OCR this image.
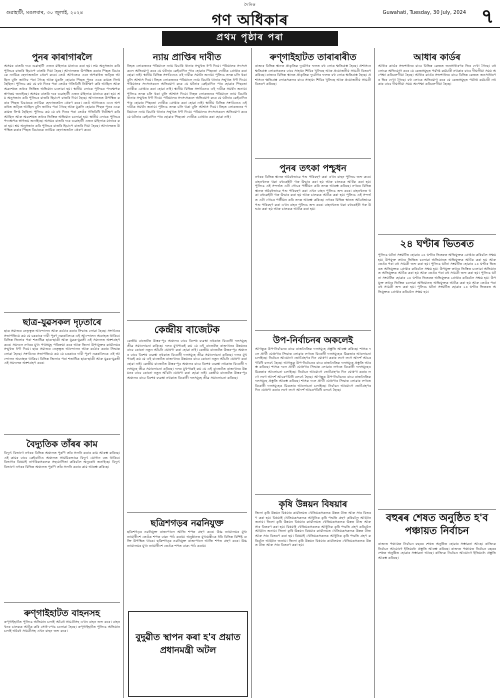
গুৱাহাটী, মঙলবাৰ, ৩০ জুলাই, ২০২৪
দৈনিক
গণ অধিকাৰ	Guwahati, Tuesday, 30 July, 2024 ৭
প্ৰথম পৃষ্ঠাৰ পৰা
পুনৰ কাৰাগাৰলৈ

অসমৰ বাতৰি দৰে গুৱাহাটী এজন মহিলাক মানাৰে কৰা হয়। শ্ৰম অনুসন্ধান কৰি পুলিচৰ বাতৰি হিচাপে বাতৰি দিয়া হৈছে। আদালতত উপস্থিত কৰাৰ পিছত বিচাৰকে ন্যায়িক হেফাজতলৈ প্ৰেৰণ কৰে। তেওঁ আগতেও এনে অপৰাধত জড়িত আছিল বুলি জানিব পৰা গৈছে আৰু মুকলি হোৱাৰ পিছত পুনৰ একে কামত লিপ্ত হৈছিল। পুলিচে কয় যে বহু দিনৰ পৰা তেওঁৰ গতিবিধি নিৰীক্ষণ কৰি আছিল আৰু অৱশেষত তথ্যৰ ভিত্তিত অভিযান চলোৱা হয়। স্থানীয় লোকে পুলিচৰ পদক্ষেপক স্বাগতম জনাইছে। অসমৰ বাতৰি দৰে গুৱাহাটী এজন মহিলাক মানাৰে কৰা হয়। শ্ৰম অনুসন্ধান কৰি পুলিচৰ বাতৰি হিচাপে বাতৰি দিয়া হৈছে। আদালতত উপস্থিত কৰাৰ পিছত বিচাৰকে ন্যায়িক হেফাজতলৈ প্ৰেৰণ কৰে। তেওঁ আগতেও এনে অপৰাধত জড়িত আছিল বুলি জানিব পৰা গৈছে আৰু মুকলি হোৱাৰ পিছত পুনৰ একে কামত লিপ্ত হৈছিল। পুলিচে কয় যে বহু দিনৰ পৰা তেওঁৰ গতিবিধি নিৰীক্ষণ কৰি আছিল আৰু অৱশেষত তথ্যৰ ভিত্তিত অভিযান চলোৱা হয়। স্থানীয় লোকে পুলিচৰ পদক্ষেপক স্বাগতম জনাইছে। অসমৰ বাতৰি দৰে গুৱাহাটী এজন মহিলাক মানাৰে কৰা হয়। শ্ৰম অনুসন্ধান কৰি পুলিচৰ বাতৰি হিচাপে বাতৰি দিয়া হৈছে। আদালতত উপস্থিত কৰাৰ পিছত বিচাৰকে ন্যায়িক হেফাজতলৈ প্ৰেৰণ কৰে।

ছাত্ৰ-যুৱসকল দৃঢ়তাৰে

ছাত্ৰ সমাজৰ নেতৃত্বত আন্দোলন আৰু কঠোৰ কৰাৰ সিদ্ধান্ত লোৱা হৈছে। সংগঠনৰ সভাপতিয়ে কয় যে চৰকাৰে দাবী পূৰণ নকৰালৈকে এই আন্দোলন অব্যাহত থাকিব। বিভিন্ন জিলাৰ পৰা শতাধিক ছাত্ৰ-ছাত্ৰী আৰু যুৱক-যুৱতী এই সমদলত অংশগ্ৰহণ কৰে। সমদলে নগৰৰ মুখ্য পথসমূহ পৰিক্ৰমা কৰে আৰু জিলা উপায়ুক্তৰ কাৰ্যালয়ৰ সন্মুখত ধৰ্ণা দিয়ে। ছাত্ৰ সমাজৰ নেতৃত্বত আন্দোলন আৰু কঠোৰ কৰাৰ সিদ্ধান্ত লোৱা হৈছে। সংগঠনৰ সভাপতিয়ে কয় যে চৰকাৰে দাবী পূৰণ নকৰালৈকে এই আন্দোলন অব্যাহত থাকিব। বিভিন্ন জিলাৰ পৰা শতাধিক ছাত্ৰ-ছাত্ৰী আৰু যুৱক-যুৱতী এই সমদলত অংশগ্ৰহণ কৰে।

বৈদ্যুতিক তাঁৰৰ কাম

বিদ্যুৎ বিভাগে নগৰৰ বিভিন্ন অঞ্চলত পুৰণি তাঁৰ সলনি কৰাৰ কাম আৰম্ভ কৰিছে। এই কামৰ বাবে কেইবাটাও অঞ্চলত সাময়িকভাৱে বিদ্যুৎ যোগান বন্ধ থাকিব। বিভাগৰ বিষয়াই নাগৰিকসকলক সহযোগিতা কৰিবলৈ অনুৰোধ জনাইছে। বিদ্যুৎ বিভাগে নগৰৰ বিভিন্ন অঞ্চলত পুৰণি তাঁৰ সলনি কৰাৰ কাম আৰম্ভ কৰিছে।

ৰুণ্গাইহাটত বাহনসহ

ৰুণ্গাইহাটত পুলিচে অভিযান চলাই অবৈধ সামগ্ৰীসহ এখন বাহন জব্দ কৰে। বাহনখনৰ চালকক আটক কৰি সোধ-পোচ চলোৱা হৈছে। ৰুণ্গাইহাটত পুলিচে অভিযান চলাই অবৈধ সামগ্ৰীসহ এখন বাহন জব্দ কৰে।

ন্যায় প্ৰাপ্তিৰ দাবীত

নিহত লোকজনৰ পৰিয়ালে ন্যায় বিচাৰি থানাৰ সন্মুখত ধৰ্ণা দিয়ে। পৰিয়ালৰ সদস্যসকলে অভিযোগ কৰে যে ঘটনাৰ কেইবাদিন পাৰ হোৱাৰ পিছতো দোষীক গ্ৰেপ্তাৰ কৰা হোৱা নাই। স্থানীয় বিভিন্ন সংগঠনেও এই দাবীক সমৰ্থন জনায়। পুলিচে তদন্ত চলি থকা বুলি আশ্বাস দিয়ে। নিহত লোকজনৰ পৰিয়ালে ন্যায় বিচাৰি থানাৰ সন্মুখত ধৰ্ণা দিয়ে। পৰিয়ালৰ সদস্যসকলে অভিযোগ কৰে যে ঘটনাৰ কেইবাদিন পাৰ হোৱাৰ পিছতো দোষীক গ্ৰেপ্তাৰ কৰা হোৱা নাই। স্থানীয় বিভিন্ন সংগঠনেও এই দাবীক সমৰ্থন জনায়। পুলিচে তদন্ত চলি থকা বুলি আশ্বাস দিয়ে। নিহত লোকজনৰ পৰিয়ালে ন্যায় বিচাৰি থানাৰ সন্মুখত ধৰ্ণা দিয়ে। পৰিয়ালৰ সদস্যসকলে অভিযোগ কৰে যে ঘটনাৰ কেইবাদিন পাৰ হোৱাৰ পিছতো দোষীক গ্ৰেপ্তাৰ কৰা হোৱা নাই। স্থানীয় বিভিন্ন সংগঠনেও এই দাবীক সমৰ্থন জনায়। পুলিচে তদন্ত চলি থকা বুলি আশ্বাস দিয়ে। নিহত লোকজনৰ পৰিয়ালে ন্যায় বিচাৰি থানাৰ সন্মুখত ধৰ্ণা দিয়ে। পৰিয়ালৰ সদস্যসকলে অভিযোগ কৰে যে ঘটনাৰ কেইবাদিন পাৰ হোৱাৰ পিছতো দোষীক গ্ৰেপ্তাৰ কৰা হোৱা নাই।

কেন্দ্ৰীয় বাজেটক

কেন্দ্ৰীয় বাজেটত উত্তৰ-পূব অঞ্চলৰ বাবে বিশেষ ব্যৱস্থা নথকাত বিৰোধী দলসমূহে তীব্ৰ সমালোচনা কৰিছে। দলৰ মুখপাত্ৰই কয় যে এই বাজেটত ৰাজ্যখনৰ উন্নয়নৰ বাবে কোনো নতুন আঁচনি ঘোষণা কৰা হোৱা নাই। কেন্দ্ৰীয় বাজেটত উত্তৰ-পূব অঞ্চলৰ বাবে বিশেষ ব্যৱস্থা নথকাত বিৰোধী দলসমূহে তীব্ৰ সমালোচনা কৰিছে। দলৰ মুখপাত্ৰই কয় যে এই বাজেটত ৰাজ্যখনৰ উন্নয়নৰ বাবে কোনো নতুন আঁচনি ঘোষণা কৰা হোৱা নাই। কেন্দ্ৰীয় বাজেটত উত্তৰ-পূব অঞ্চলৰ বাবে বিশেষ ব্যৱস্থা নথকাত বিৰোধী দলসমূহে তীব্ৰ সমালোচনা কৰিছে। দলৰ মুখপাত্ৰই কয় যে এই বাজেটত ৰাজ্যখনৰ উন্নয়নৰ বাবে কোনো নতুন আঁচনি ঘোষণা কৰা হোৱা নাই। কেন্দ্ৰীয় বাজেটত উত্তৰ-পূব অঞ্চলৰ বাবে বিশেষ ব্যৱস্থা নথকাত বিৰোধী দলসমূহে তীব্ৰ সমালোচনা কৰিছে।

ছত্ৰিশগড়ৰ নৱনিযুক্ত

ছত্ৰিশগড়ৰ নৱনিযুক্ত ৰাজ্যপালে আজি শপত গ্ৰহণ কৰে। উচ্চ ন্যায়ালয়ৰ মুখ্য ন্যায়াধীশে তেওঁক শপত বাক্য পাঠ কৰায়। অনুষ্ঠানত মুখ্যমন্ত্ৰীকে ধৰি বিভিন্ন বিশিষ্ট ব্যক্তি উপস্থিত থাকে। ছত্ৰিশগড়ৰ নৱনিযুক্ত ৰাজ্যপালে আজি শপত গ্ৰহণ কৰে। উচ্চ ন্যায়ালয়ৰ মুখ্য ন্যায়াধীশে তেওঁক শপত বাক্য পাঠ কৰায়।

বুদুৱীত স্থাপন কৰা হ'ব প্ৰয়াত প্ৰধানমন্ত্ৰী অটল
ৰুণ্গাইহাটত তাৰাৰাৰীত

ৰাজ্যৰ বিভিন্ন স্থানত প্ৰাকৃতিক দুৰ্যোগৰ ফলত বহু লোক ক্ষতিগ্ৰস্ত হৈছে। প্ৰশাসনে ক্ষতিগ্ৰস্ত লোকসকলৰ বাবে সাহায্য শিবিৰ খুলিছে আৰু প্ৰয়োজনীয় সামগ্ৰী বিতৰণ কৰিছে। ৰাজ্যৰ বিভিন্ন স্থানত প্ৰাকৃতিক দুৰ্যোগৰ ফলত বহু লোক ক্ষতিগ্ৰস্ত হৈছে। প্ৰশাসনে ক্ষতিগ্ৰস্ত লোকসকলৰ বাবে সাহায্য শিবিৰ খুলিছে আৰু প্ৰয়োজনীয় সামগ্ৰী বিতৰণ কৰিছে।

পুনৰ তৎকা পশ্চুধন

নগৰৰ বিভিন্ন স্থানত অবৈধভাৱে পশু পৰিবহণ কৰা এখন বাহন পুলিচে জব্দ কৰে। বাহনখনত থকা বহুকেইটা গৰু উদ্ধাৰ কৰা হয় আৰু চালকক আটক কৰা হয়। পুলিচে এই সন্দৰ্ভত এটা গোচৰ পঞ্জীয়ন কৰি তদন্ত আৰম্ভ কৰিছে। নগৰৰ বিভিন্ন স্থানত অবৈধভাৱে পশু পৰিবহণ কৰা এখন বাহন পুলিচে জব্দ কৰে। বাহনখনত থকা বহুকেইটা গৰু উদ্ধাৰ কৰা হয় আৰু চালকক আটক কৰা হয়। পুলিচে এই সন্দৰ্ভত এটা গোচৰ পঞ্জীয়ন কৰি তদন্ত আৰম্ভ কৰিছে। নগৰৰ বিভিন্ন স্থানত অবৈধভাৱে পশু পৰিবহণ কৰা এখন বাহন পুলিচে জব্দ কৰে। বাহনখনত থকা বহুকেইটা গৰু উদ্ধাৰ কৰা হয় আৰু চালকক আটক কৰা হয়।

উপ-নিৰ্বাচনৰ অকলেই

আগন্তুক উপ-নিৰ্বাচনৰ বাবে ৰাজনৈতিক দলসমূহে প্ৰস্তুতি আৰম্ভ কৰিছে। শাসক দলে প্ৰাৰ্থী ঘোষণাৰ সিদ্ধান্ত লোৱাৰ লগতে বিৰোধী দলসমূহেও মিত্ৰতাৰ আলোচনা চলাইছে। নিৰ্বাচন আয়োগে ভোটগ্ৰহণৰ দিন ঘোষণা কৰাৰ লগে লগে আদৰ্শ আচৰণবিধি বলবৎ হৈছে। আগন্তুক উপ-নিৰ্বাচনৰ বাবে ৰাজনৈতিক দলসমূহে প্ৰস্তুতি আৰম্ভ কৰিছে। শাসক দলে প্ৰাৰ্থী ঘোষণাৰ সিদ্ধান্ত লোৱাৰ লগতে বিৰোধী দলসমূহেও মিত্ৰতাৰ আলোচনা চলাইছে। নিৰ্বাচন আয়োগে ভোটগ্ৰহণৰ দিন ঘোষণা কৰাৰ লগে লগে আদৰ্শ আচৰণবিধি বলবৎ হৈছে। আগন্তুক উপ-নিৰ্বাচনৰ বাবে ৰাজনৈতিক দলসমূহে প্ৰস্তুতি আৰম্ভ কৰিছে। শাসক দলে প্ৰাৰ্থী ঘোষণাৰ সিদ্ধান্ত লোৱাৰ লগতে বিৰোধী দলসমূহেও মিত্ৰতাৰ আলোচনা চলাইছে। নিৰ্বাচন আয়োগে ভোটগ্ৰহণৰ দিন ঘোষণা কৰাৰ লগে লগে আদৰ্শ আচৰণবিধি বলবৎ হৈছে।

কৃষি উন্নয়ন বিষয়াৰ

জিলা কৃষি উন্নয়ন বিষয়াৰ কাৰ্যালয়ত খেতিয়কসকলক উন্নত বীজ আৰু সাৰ বিতৰণ কৰা হয়। বিষয়াই খেতিয়কসকলক আধুনিক কৃষি পদ্ধতি গ্ৰহণ কৰিবলৈ আহ্বান জনায়। জিলা কৃষি উন্নয়ন বিষয়াৰ কাৰ্যালয়ত খেতিয়কসকলক উন্নত বীজ আৰু সাৰ বিতৰণ কৰা হয়। বিষয়াই খেতিয়কসকলক আধুনিক কৃষি পদ্ধতি গ্ৰহণ কৰিবলৈ আহ্বান জনায়। জিলা কৃষি উন্নয়ন বিষয়াৰ কাৰ্যালয়ত খেতিয়কসকলক উন্নত বীজ আৰু সাৰ বিতৰণ কৰা হয়। বিষয়াই খেতিয়কসকলক আধুনিক কৃষি পদ্ধতি গ্ৰহণ কৰিবলৈ আহ্বান জনায়। জিলা কৃষি উন্নয়ন বিষয়াৰ কাৰ্যালয়ত খেতিয়কসকলক উন্নত বীজ আৰু সাৰ বিতৰণ কৰা হয়।

আধাৰ কাৰ্ডৰ

আধাৰ কাৰ্ডৰ সংশোধনৰ বাবে বিভিন্ন কেন্দ্ৰত জনসাধাৰণৰ ভিৰ দেখা গৈছে। বহু লোকে অভিযোগ কৰে যে কেন্দ্ৰসমূহত পৰ্যাপ্ত কৰ্মচাৰী নথকাৰ বাবে দীঘলীয়া সময় অপেক্ষা কৰিবলগীয়া হৈছে। আধাৰ কাৰ্ডৰ সংশোধনৰ বাবে বিভিন্ন কেন্দ্ৰত জনসাধাৰণৰ ভিৰ দেখা গৈছে। বহু লোকে অভিযোগ কৰে যে কেন্দ্ৰসমূহত পৰ্যাপ্ত কৰ্মচাৰী নথকাৰ বাবে দীঘলীয়া সময় অপেক্ষা কৰিবলগীয়া হৈছে।

২৪ ঘণ্টাৰ ভিতৰত

পুলিচে ঘটনা সংঘটিত হোৱাৰ ২৪ ঘণ্টাৰ ভিতৰত অভিযুক্তক গ্ৰেপ্তাৰ কৰিবলৈ সক্ষম হয়। উপযুক্ত তথ্যৰ ভিত্তিত চলোৱা অভিযানত অভিযুক্তক আটক কৰা হয় আৰু তেওঁৰ পৰা বহু সামগ্ৰী জব্দ কৰা হয়। পুলিচে ঘটনা সংঘটিত হোৱাৰ ২৪ ঘণ্টাৰ ভিতৰত অভিযুক্তক গ্ৰেপ্তাৰ কৰিবলৈ সক্ষম হয়। উপযুক্ত তথ্যৰ ভিত্তিত চলোৱা অভিযানত অভিযুক্তক আটক কৰা হয় আৰু তেওঁৰ পৰা বহু সামগ্ৰী জব্দ কৰা হয়। পুলিচে ঘটনা সংঘটিত হোৱাৰ ২৪ ঘণ্টাৰ ভিতৰত অভিযুক্তক গ্ৰেপ্তাৰ কৰিবলৈ সক্ষম হয়। উপযুক্ত তথ্যৰ ভিত্তিত চলোৱা অভিযানত অভিযুক্তক আটক কৰা হয় আৰু তেওঁৰ পৰা বহু সামগ্ৰী জব্দ কৰা হয়। পুলিচে ঘটনা সংঘটিত হোৱাৰ ২৪ ঘণ্টাৰ ভিতৰত অভিযুক্তক গ্ৰেপ্তাৰ কৰিবলৈ সক্ষম হয়।

বহুৰৰ শেষত অনুষ্ঠিত হ'ব পঞ্চায়ত নিৰ্বাচন

ৰাজ্যত পঞ্চায়ত নিৰ্বাচন বছৰৰ শেষত অনুষ্ঠিত হোৱাৰ সম্ভাৱনা আছে। ৰাজ্যিক নিৰ্বাচন আয়োগে ইতিমধ্যে প্ৰস্তুতি আৰম্ভ কৰিছে। ৰাজ্যত পঞ্চায়ত নিৰ্বাচন বছৰৰ শেষত অনুষ্ঠিত হোৱাৰ সম্ভাৱনা আছে। ৰাজ্যিক নিৰ্বাচন আয়োগে ইতিমধ্যে প্ৰস্তুতি আৰম্ভ কৰিছে।
